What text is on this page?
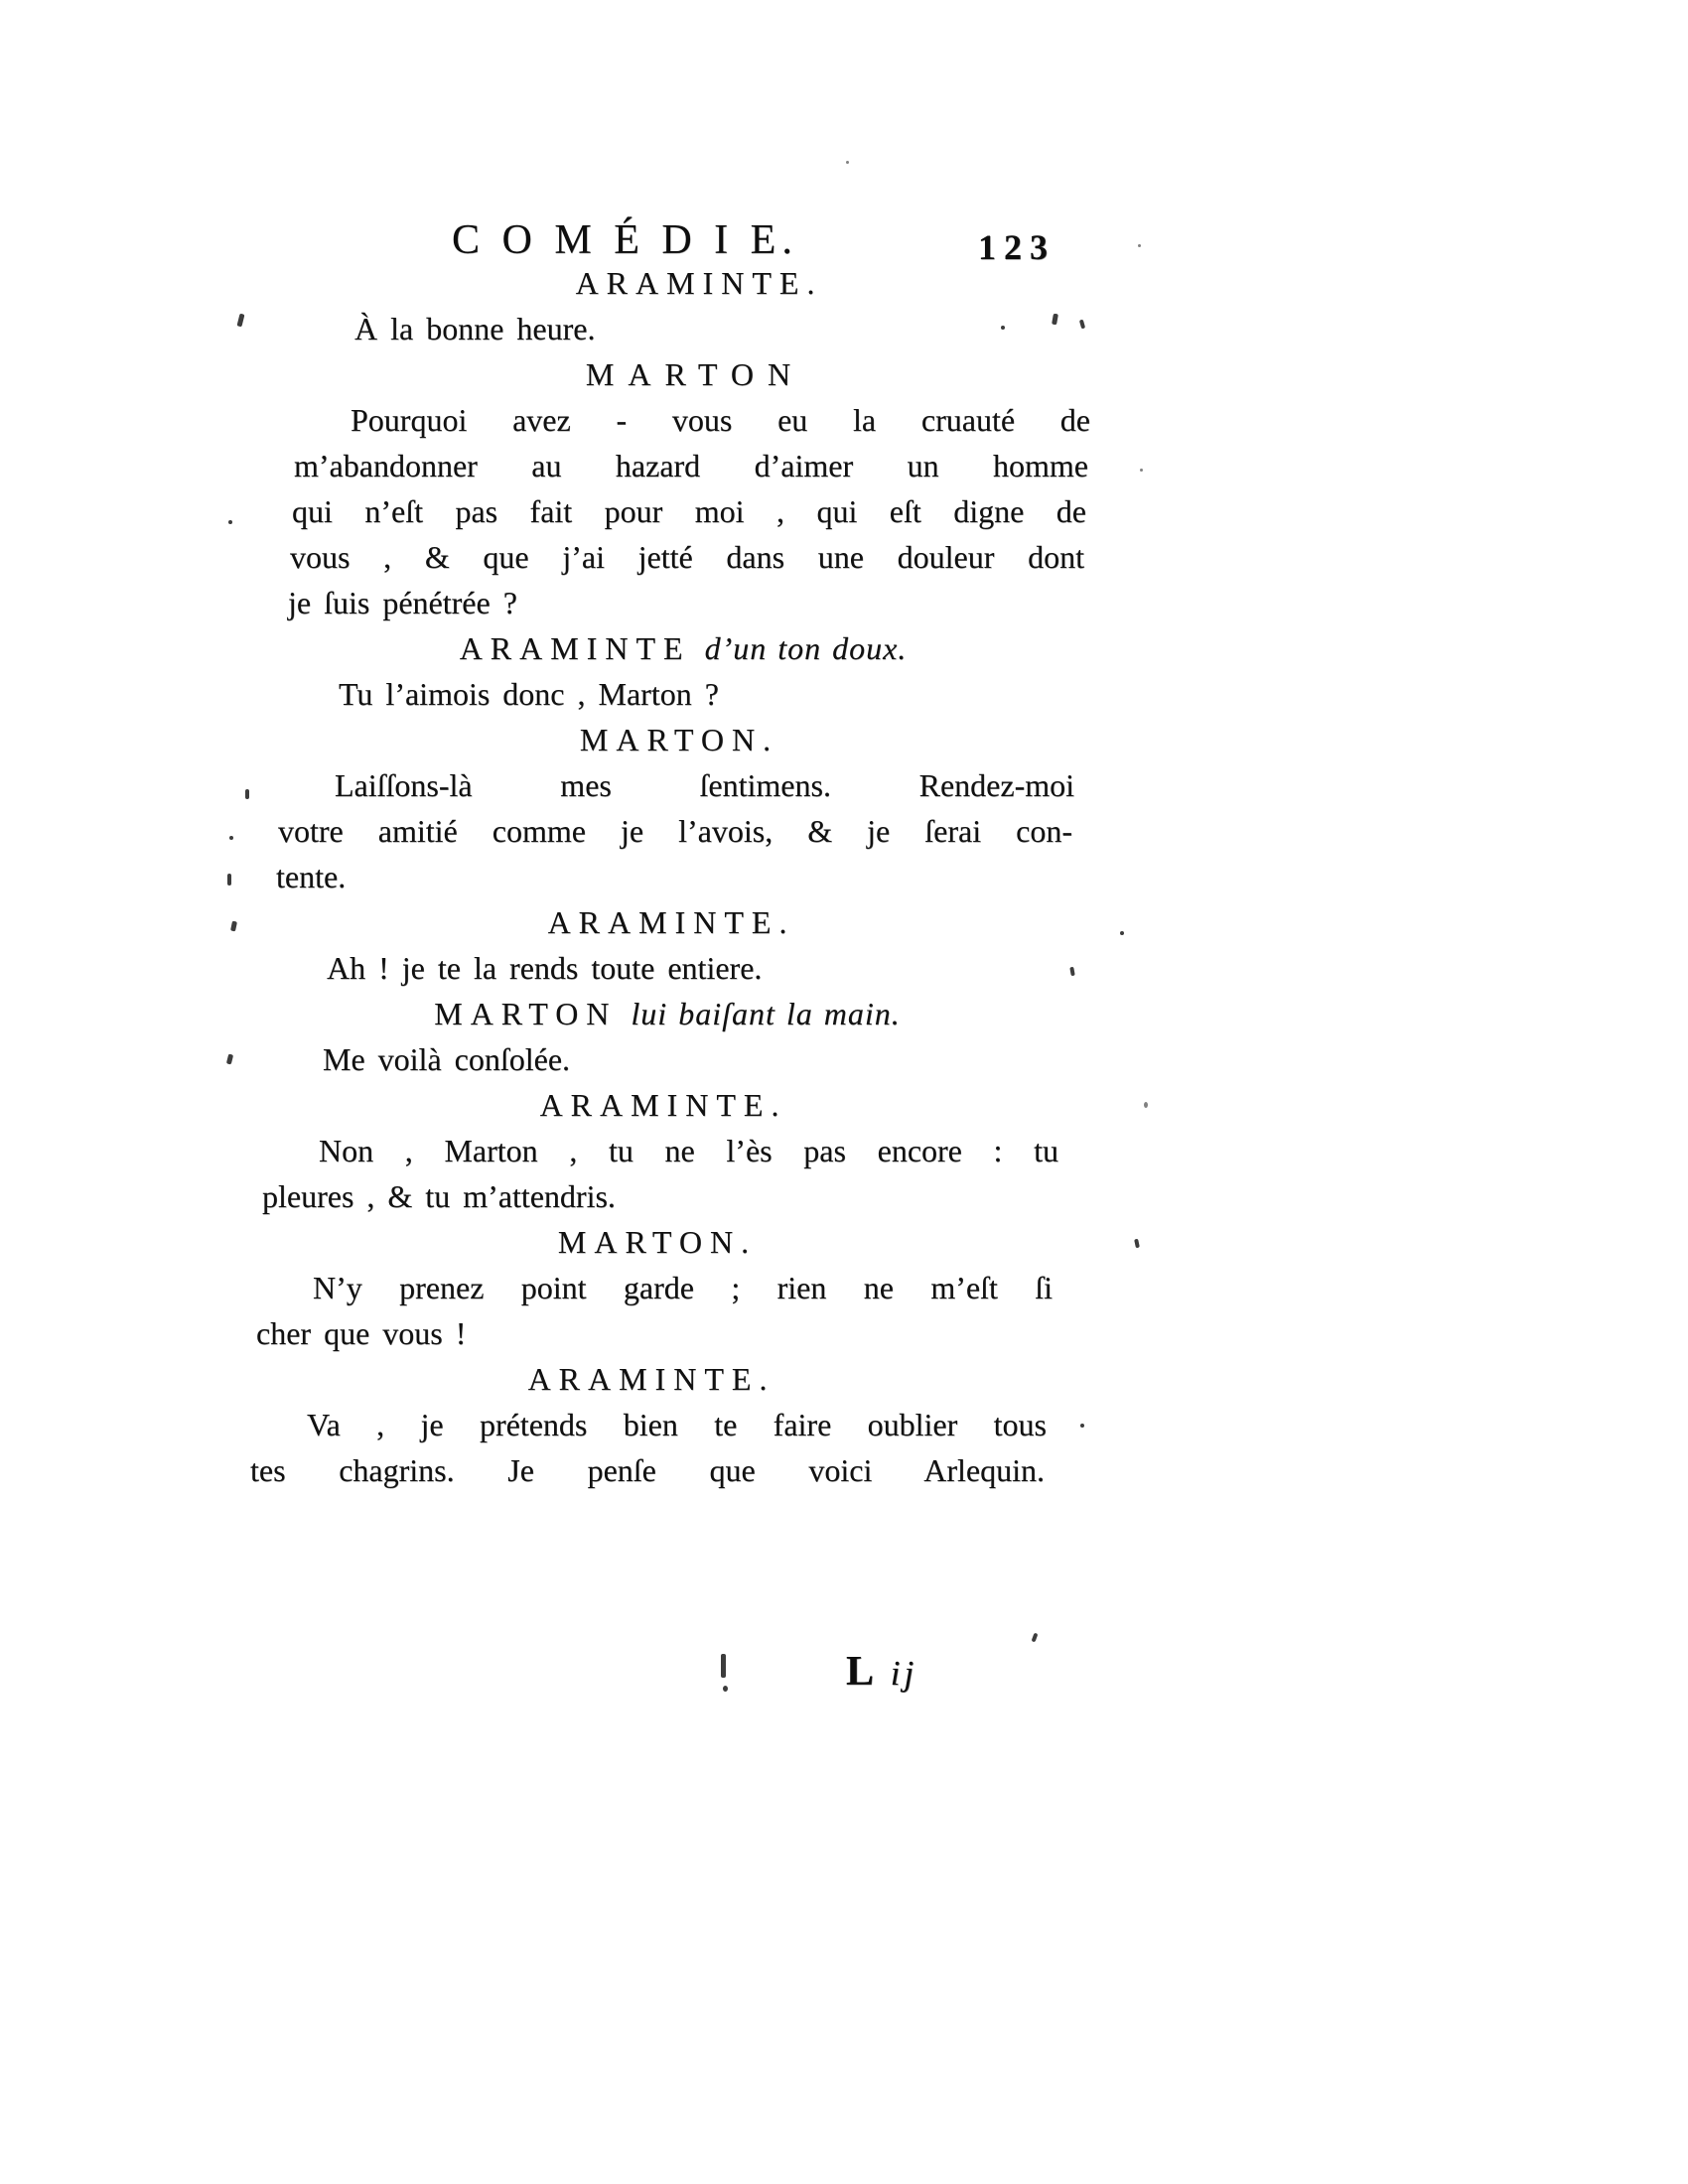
C O M É D I E.	123
ARAMINTE.
À la bonne heure.
MARTON
Pourquoi avez - vous eu la cruauté de
m’abandonner au hazard d’aimer un homme
qui n’eſt pas fait pour moi , qui eſt digne de
vous , & que j’ai jetté dans une douleur dont
je ſuis pénétrée ?
ARAMINTE d’un ton doux.
Tu l’aimois donc , Marton ?
MARTON.
Laiſſons-là mes ſentimens. Rendez-moi
votre amitié comme je l’avois, & je ſerai con-
tente.
ARAMINTE.
Ah ! je te la rends toute entiere.
MARTON lui baiſant la main.
Me voilà conſolée.
ARAMINTE.
Non , Marton , tu ne l’ès pas encore : tu
pleures , & tu m’attendris.
MARTON.
N’y prenez point garde ; rien ne m’eſt ſi
cher que vous !
ARAMINTE.
Va , je prétends bien te faire oublier tous
tes chagrins. Je penſe que voici Arlequin.
L ij
